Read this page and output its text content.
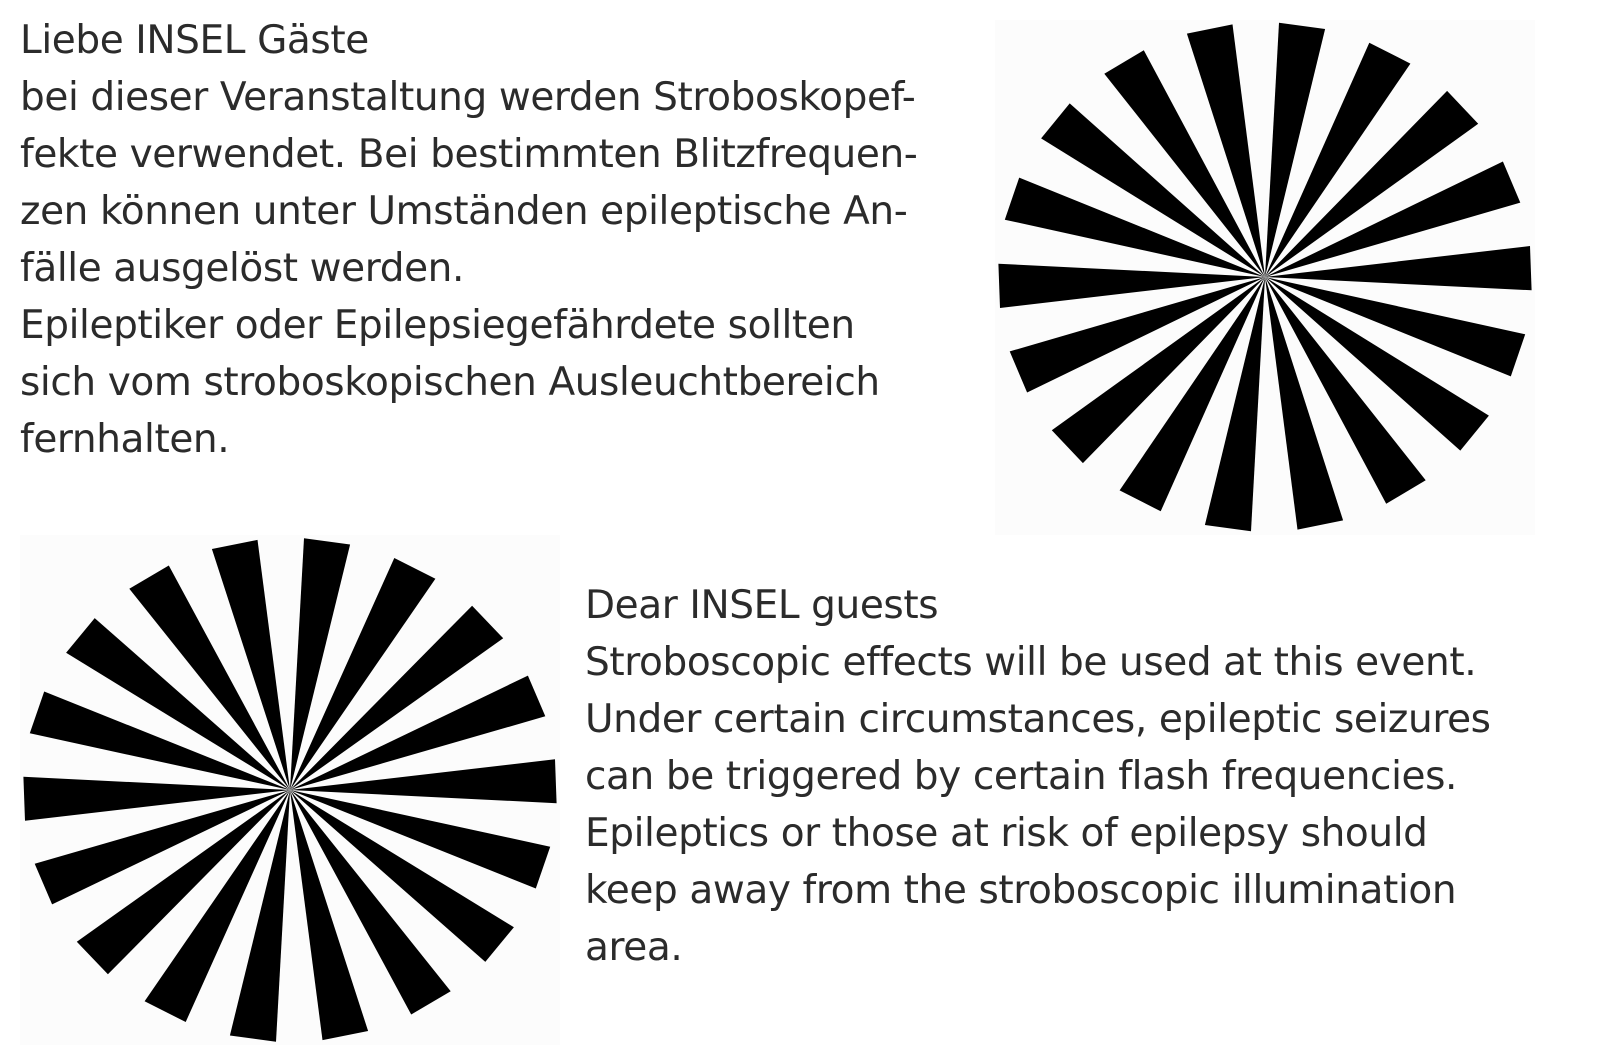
Liebe INSEL Gäste
bei dieser Veranstaltung werden Stroboskopef-
fekte verwendet. Bei bestimmten Blitzfrequen-
zen können unter Umständen epileptische An-
fälle ausgelöst werden.
Epileptiker oder Epilepsiegefährdete sollten
sich vom stroboskopischen Ausleuchtbereich
fernhalten.
Dear INSEL guests
Stroboscopic effects will be used at this event.
Under certain circumstances, epileptic seizures
can be triggered by certain flash frequencies.
Epileptics or those at risk of epilepsy should
keep away from the stroboscopic illumination
area.
